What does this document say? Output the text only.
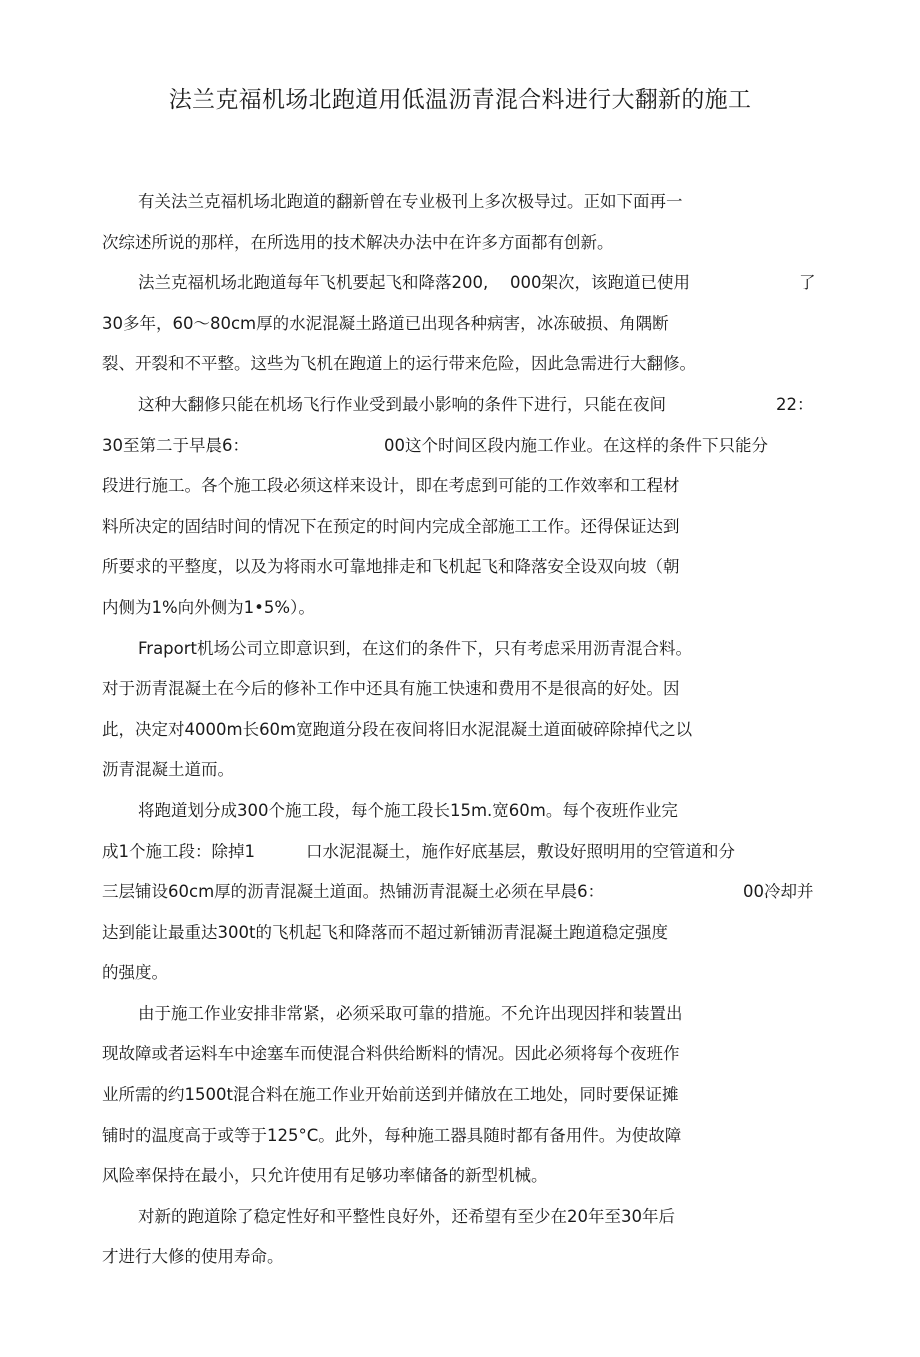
法兰克福机场北跑道用低温沥青混合料进行大翻新的施工
有关法兰克福机场北跑道的翻新曾在专业极刊上多次极导过。正如下面再一
次综述所说的那样，在所选用的技术解决办法中在许多方面都有创新。
法兰克福机场北跑道每年飞机要起飞和降落200, 000架次，该跑道已使用	了
30多年，60～80cm厚的水泥混凝土路道已出现各种病害，冰冻破损、角隅断
裂、开裂和不平整。这些为飞机在跑道上的运行带来危险，因此急需进行大翻修。
这种大翻修只能在机场飞行作业受到最小影响的条件下进行，只能在夜间	22：
30至第二于早晨6：	00这个时间区段内施工作业。在这样的条件下只能分
段进行施工。各个施工段必须这样来设计，即在考虑到可能的工作效率和工程材
料所决定的固结时间的情况下在预定的时间内完成全部施工工作。还得保证达到
所要求的平整度，以及为将雨水可靠地排走和飞机起飞和降落安全设双向坡（朝
内侧为1%向外侧为1•5%）。
Fraport机场公司立即意识到，在这们的条件下，只有考虑采用沥青混合料。
对于沥青混凝土在今后的修补工作中还具有施工快速和费用不是很高的好处。因
此，决定对4000m长60m宽跑道分段在夜间将旧水泥混凝土道面破碎除掉代之以
沥青混凝土道而。
将跑道划分成300个施工段，每个施工段长15m.宽60m。每个夜班作业完
成1个施工段：除掉1	口水泥混凝土，施作好底基层，敷设好照明用的空管道和分
三层铺设60cm厚的沥青混凝土道面。热铺沥青混凝土必须在早晨6：	00冷却并
达到能让最重达300t的飞机起飞和降落而不超过新铺沥青混凝土跑道稳定强度
的强度。
由于施工作业安排非常紧，必须采取可靠的措施。不允许出现因拌和装置出
现故障或者运料车中途塞车而使混合料供给断料的情况。因此必须将每个夜班作
业所需的约1500t混合料在施工作业开始前送到并储放在工地处，同时要保证摊
铺时的温度高于或等于125°C。此外，每种施工器具随时都有备用件。为使故障
风险率保持在最小，只允许使用有足够功率储备的新型机械。
对新的跑道除了稳定性好和平整性良好外，还希望有至少在20年至30年后
才进行大修的使用寿命。
